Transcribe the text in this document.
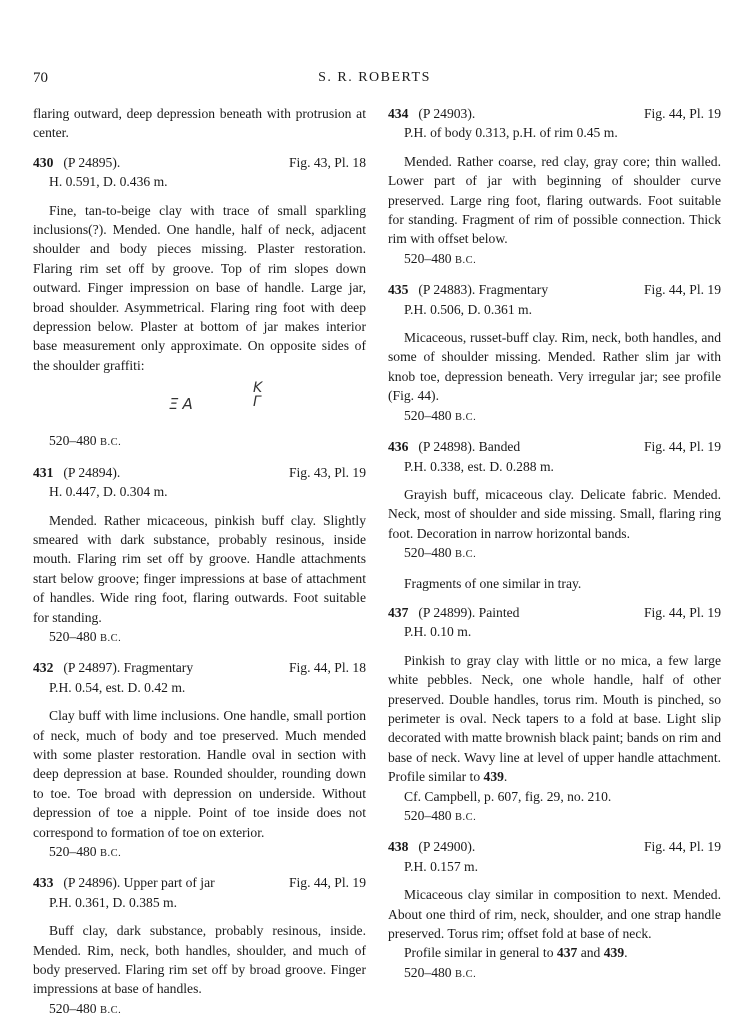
70	S. R. ROBERTS

flaring outward, deep depression beneath with protrusion at center.

430 (P 24895).	Fig. 43, Pl. 18

H. 0.591, D. 0.436 m.

Fine, tan-to-beige clay with trace of small sparkling inclusions(?). Mended. One handle, half of neck, adjacent shoulder and body pieces missing. Plaster restoration. Flaring rim set off by groove. Top of rim slopes down outward. Finger impression on base of handle. Large jar, broad shoulder. Asymmetrical. Flaring ring foot with deep depression below. Plaster at bottom of jar makes interior base measurement only approximate. On opposite sides of the shoulder graffiti:

ΞΑ
Κ
Γ

520–480 B.C.

431 (P 24894).	Fig. 43, Pl. 19

H. 0.447, D. 0.304 m.

Mended. Rather micaceous, pinkish buff clay. Slightly smeared with dark substance, probably resinous, inside mouth. Flaring rim set off by groove. Handle attachments start below groove; finger impressions at base of attachment of handles. Wide ring foot, flaring outwards. Foot suitable for standing.

520–480 B.C.

432 (P 24897). Fragmentary	Fig. 44, Pl. 18

P.H. 0.54, est. D. 0.42 m.

Clay buff with lime inclusions. One handle, small portion of neck, much of body and toe preserved. Much mended with some plaster restoration. Handle oval in section with deep depression at base. Rounded shoulder, rounding down to toe. Toe broad with depression on underside. Without depression of toe a nipple. Point of toe inside does not correspond to formation of toe on exterior.

520–480 B.C.

433 (P 24896). Upper part of jar	Fig. 44, Pl. 19

P.H. 0.361, D. 0.385 m.

Buff clay, dark substance, probably resinous, inside. Mended. Rim, neck, both handles, shoulder, and much of body preserved. Flaring rim set off by broad groove. Finger impressions at base of handles.

520–480 B.C.

434 (P 24903).	Fig. 44, Pl. 19

P.H. of body 0.313, p.H. of rim 0.45 m.

Mended. Rather coarse, red clay, gray core; thin walled. Lower part of jar with beginning of shoulder curve preserved. Large ring foot, flaring outwards. Foot suitable for standing. Fragment of rim of possible connection. Thick rim with offset below.

520–480 B.C.

435 (P 24883). Fragmentary	Fig. 44, Pl. 19

P.H. 0.506, D. 0.361 m.

Micaceous, russet-buff clay. Rim, neck, both handles, and some of shoulder missing. Mended. Rather slim jar with knob toe, depression beneath. Very irregular jar; see profile (Fig. 44).

520–480 B.C.

436 (P 24898). Banded	Fig. 44, Pl. 19

P.H. 0.338, est. D. 0.288 m.

Grayish buff, micaceous clay. Delicate fabric. Mended. Neck, most of shoulder and side missing. Small, flaring ring foot. Decoration in narrow horizontal bands.

520–480 B.C.

Fragments of one similar in tray.

437 (P 24899). Painted	Fig. 44, Pl. 19

P.H. 0.10 m.

Pinkish to gray clay with little or no mica, a few large white pebbles. Neck, one whole handle, half of other preserved. Double handles, torus rim. Mouth is pinched, so perimeter is oval. Neck tapers to a fold at base. Light slip decorated with matte brownish black paint; bands on rim and base of neck. Wavy line at level of upper handle attachment. Profile similar to 439.

Cf. Campbell, p. 607, fig. 29, no. 210.

520–480 B.C.

438 (P 24900).	Fig. 44, Pl. 19

P.H. 0.157 m.

Micaceous clay similar in composition to next. Mended. About one third of rim, neck, shoulder, and one strap handle preserved. Torus rim; offset fold at base of neck.

Profile similar in general to 437 and 439.

520–480 B.C.
